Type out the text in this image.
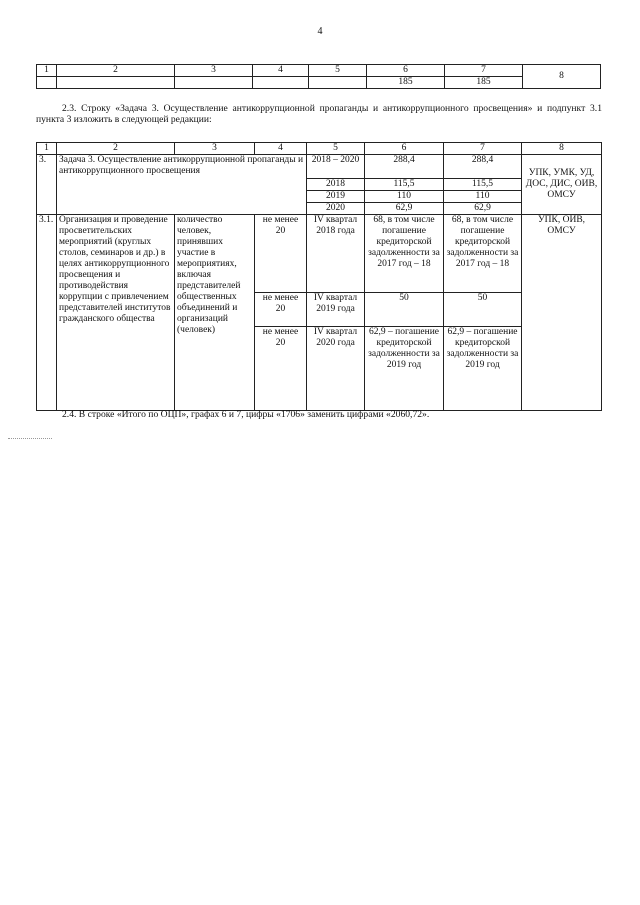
4
1	2	3	4	5	6	7	8
					185	185	
2.3. Строку «Задача 3. Осуществление антикоррупционной пропаганды и антикоррупционного просвещения» и подпункт 3.1 пункта 3 изложить в следующей редакции:
1	2	3	4	5	6	7	8
3.	Задача 3. Осуществление антикоррупционной пропаганды и антикоррупционного просвещения			2018 – 2020	288,4	288,4	УПК, УМК, УД, ДОС, ДИС, ОИВ, ОМСУ
				2018	115,5	115,5	
				2019	110	110	
				2020	62,9	62,9	
3.1.	Организация и проведение просветительских мероприятий (круглых столов, семинаров и др.) в целях антикоррупционного просвещения и противодействия коррупции с привлечением представителей институтов гражданского общества	количество человек, принявших участие в мероприятиях, включая представителей общественных объединений и организаций (человек)	не менее 20	IV квартал 2018 года	68, в том числе погашение кредиторской задолженности за 2017 год – 18	68, в том числе погашение кредиторской задолженности за 2017 год – 18	УПК, ОИВ, ОМСУ
			не менее 20	IV квартал 2019 года	50	50	
			не менее 20	IV квартал 2020 года	62,9 – погашение кредиторской задолженности за 2019 год	62,9 – погашение кредиторской задолженности за 2019 год	
2.4. В строке «Итого по ОЦП», графах 6 и 7, цифры «1706» заменить цифрами «2060,72».
